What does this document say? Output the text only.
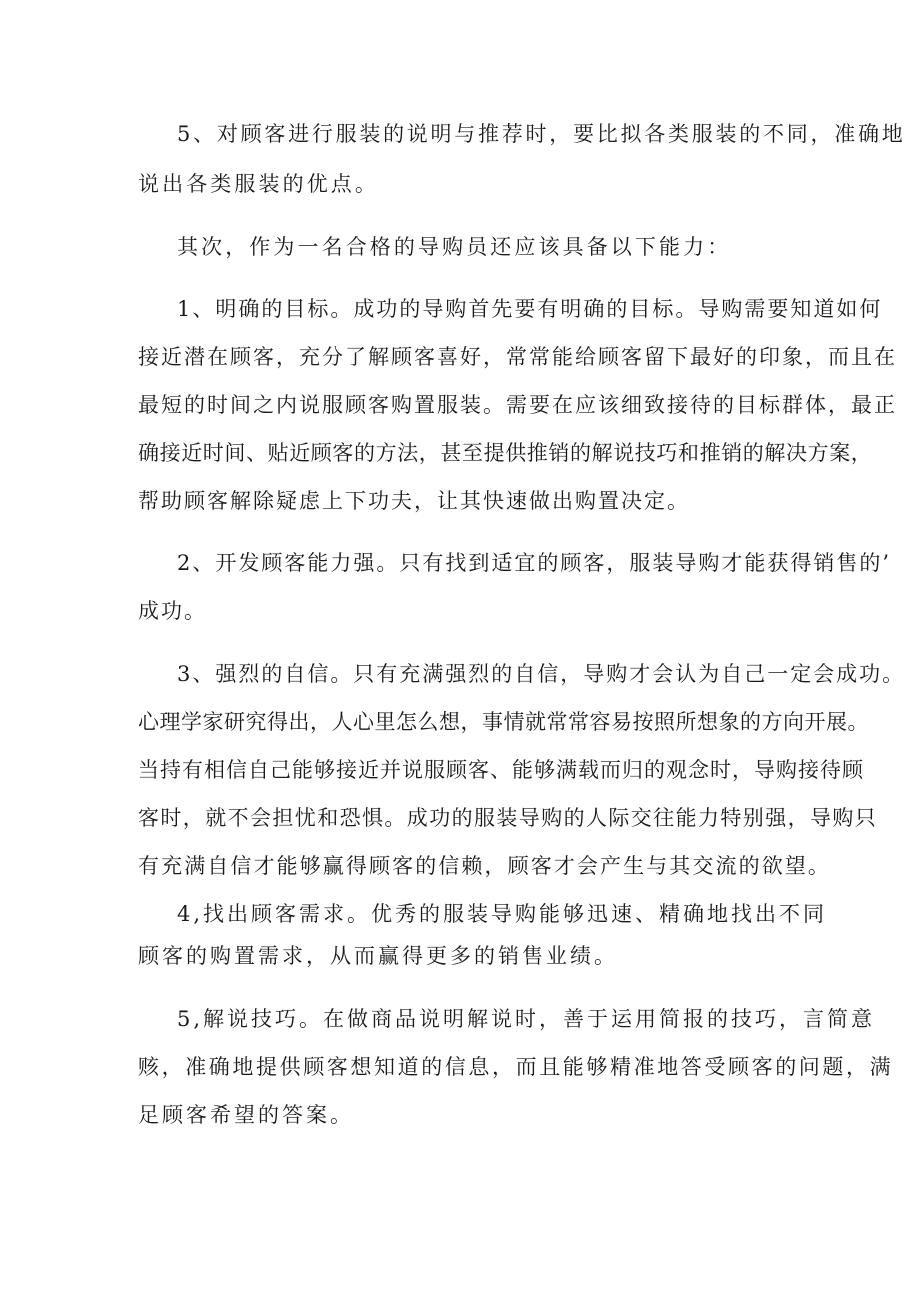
5、对顾客进行服装的说明与推荐时，要比拟各类服装的不同，准确地

说出各类服装的优点。

其次，作为一名合格的导购员还应该具备以下能力：

1、明确的目标。成功的导购首先要有明确的目标。导购需要知道如何

接近潜在顾客，充分了解顾客喜好，常常能给顾客留下最好的印象，而且在

最短的时间之内说服顾客购置服装。需要在应该细致接待的目标群体，最正

确接近时间、贴近顾客的方法，甚至提供推销的解说技巧和推销的解决方案，

帮助顾客解除疑虑上下功夫，让其快速做出购置决定。

2、开发顾客能力强。只有找到适宜的顾客，服装导购才能获得销售的’

成功。

3、强烈的自信。只有充满强烈的自信，导购才会认为自己一定会成功。

心理学家研究得出，人心里怎么想，事情就常常容易按照所想象的方向开展。

当持有相信自己能够接近并说服顾客、能够满载而归的观念时，导购接待顾

客时，就不会担忧和恐惧。成功的服装导购的人际交往能力特别强，导购只

有充满自信才能够赢得顾客的信赖，顾客才会产生与其交流的欲望。

4,找出顾客需求。优秀的服装导购能够迅速、精确地找出不同

顾客的购置需求，从而赢得更多的销售业绩。

5,解说技巧。在做商品说明解说时，善于运用简报的技巧，言简意

赅，准确地提供顾客想知道的信息，而且能够精准地答受顾客的问题，满

足顾客希望的答案。
